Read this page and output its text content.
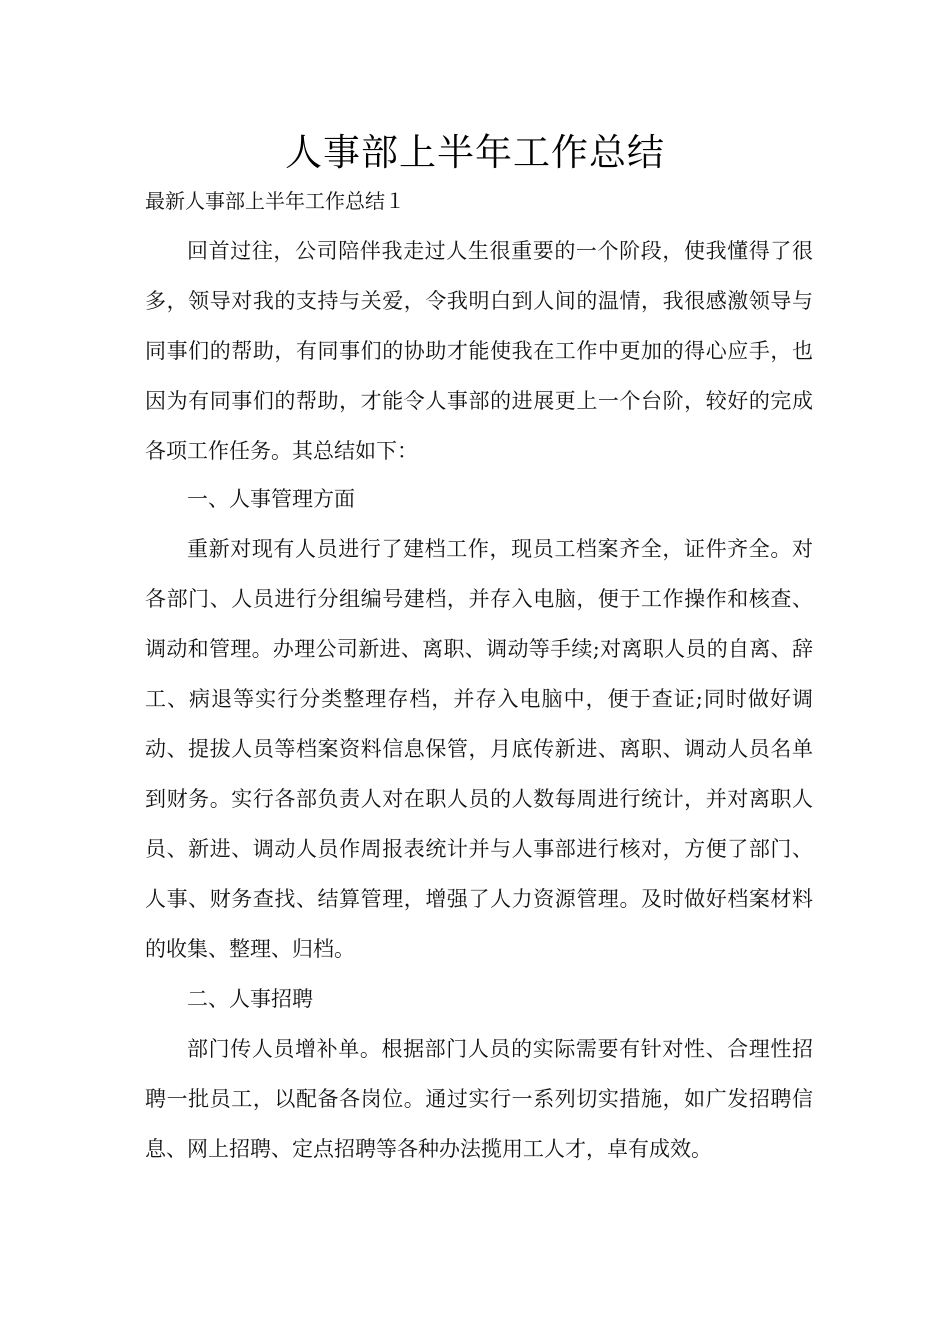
人事部上半年工作总结
最新人事部上半年工作总结１
回首过往，公司陪伴我走过人生很重要的一个阶段，使我懂得了很多，领导对我的支持与关爱，令我明白到人间的温情，我很感激领导与同事们的帮助，有同事们的协助才能使我在工作中更加的得心应手，也因为有同事们的帮助，才能令人事部的进展更上一个台阶，较好的完成各项工作任务。其总结如下：
一、人事管理方面
重新对现有人员进行了建档工作，现员工档案齐全，证件齐全。对各部门、人员进行分组编号建档，并存入电脑，便于工作操作和核查、调动和管理。办理公司新进、离职、调动等手续;对离职人员的自离、辞工、病退等实行分类整理存档，并存入电脑中，便于查证;同时做好调动、提拔人员等档案资料信息保管，月底传新进、离职、调动人员名单到财务。实行各部负责人对在职人员的人数每周进行统计，并对离职人员、新进、调动人员作周报表统计并与人事部进行核对，方便了部门、人事、财务查找、结算管理，增强了人力资源管理。及时做好档案材料的收集、整理、归档。
二、人事招聘
部门传人员增补单。根据部门人员的实际需要有针对性、合理性招聘一批员工，以配备各岗位。通过实行一系列切实措施，如广发招聘信息、网上招聘、定点招聘等各种办法揽用工人才，卓有成效。
